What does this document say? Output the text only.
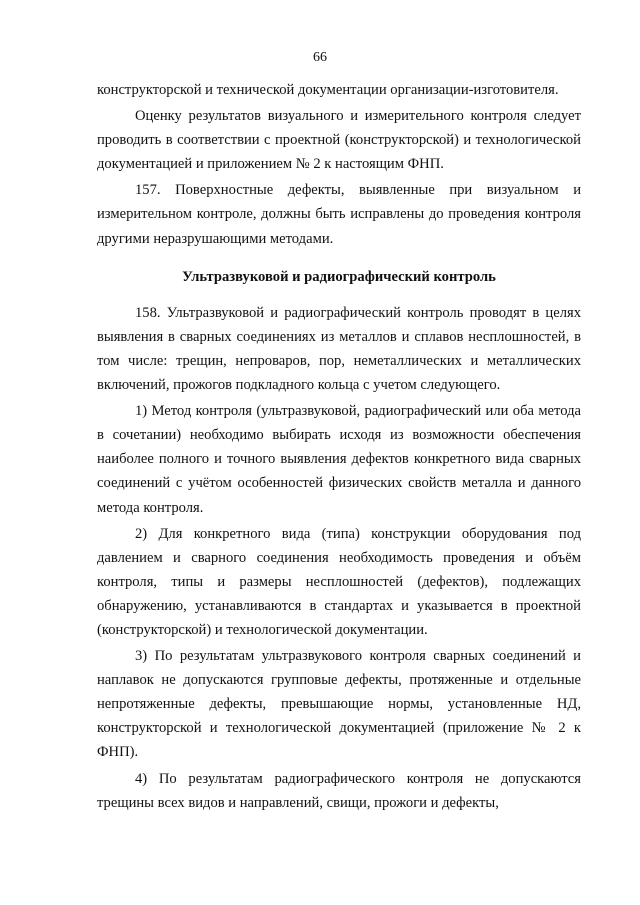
66

конструкторской и технической документации организации-изготовителя.

Оценку результатов визуального и измерительного контроля следует проводить в соответствии с проектной (конструкторской) и технологической документацией и приложением № 2 к настоящим ФНП.

157. Поверхностные дефекты, выявленные при визуальном и измерительном контроле, должны быть исправлены до проведения контроля другими неразрушающими методами.

Ультразвуковой и радиографический контроль

158. Ультразвуковой и радиографический контроль проводят в целях выявления в сварных соединениях из металлов и сплавов несплошностей, в том числе: трещин, непроваров, пор, неметаллических и металлических включений, прожогов подкладного кольца с учетом следующего.

1) Метод контроля (ультразвуковой, радиографический или оба метода в сочетании) необходимо выбирать исходя из возможности обеспечения наиболее полного и точного выявления дефектов конкретного вида сварных соединений с учётом особенностей физических свойств металла и данного метода контроля.

2) Для конкретного вида (типа) конструкции оборудования под давлением и сварного соединения необходимость проведения и объём контроля, типы и размеры несплошностей (дефектов), подлежащих обнаружению, устанавливаются в стандартах и указывается в проектной (конструкторской) и технологической документации.

3) По результатам ультразвукового контроля сварных соединений и наплавок не допускаются групповые дефекты, протяженные и отдельные непротяженные дефекты, превышающие нормы, установленные НД, конструкторской и технологической документацией (приложение № 2 к ФНП).

4) По результатам радиографического контроля не допускаются трещины всех видов и направлений, свищи, прожоги и дефекты,
